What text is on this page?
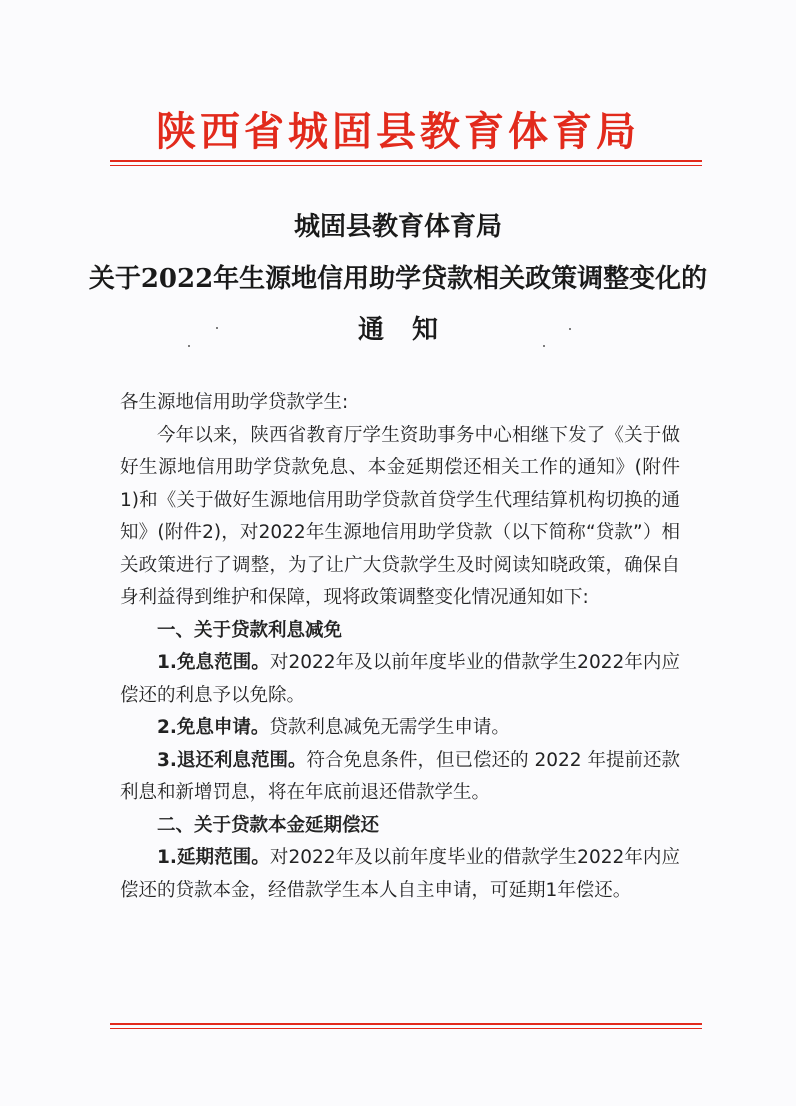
陕西省城固县教育体育局
城固县教育体育局
关于2022年生源地信用助学贷款相关政策调整变化的
通知

各生源地信用助学贷款学生:

今年以来，陕西省教育厅学生资助事务中心相继下发了《关于做好生源地信用助学贷款免息、本金延期偿还相关工作的通知》(附件1)和《关于做好生源地信用助学贷款首贷学生代理结算机构切换的通知》(附件2)，对2022年生源地信用助学贷款（以下简称“贷款”）相关政策进行了调整，为了让广大贷款学生及时阅读知晓政策，确保自身利益得到维护和保障，现将政策调整变化情况通知如下:

一、关于贷款利息减免

1.免息范围。对2022年及以前年度毕业的借款学生2022年内应偿还的利息予以免除。

2.免息申请。贷款利息减免无需学生申请。

3.退还利息范围。符合免息条件，但已偿还的 2022 年提前还款利息和新增罚息，将在年底前退还借款学生。

二、关于贷款本金延期偿还

1.延期范围。对2022年及以前年度毕业的借款学生2022年内应偿还的贷款本金，经借款学生本人自主申请，可延期1年偿还。
